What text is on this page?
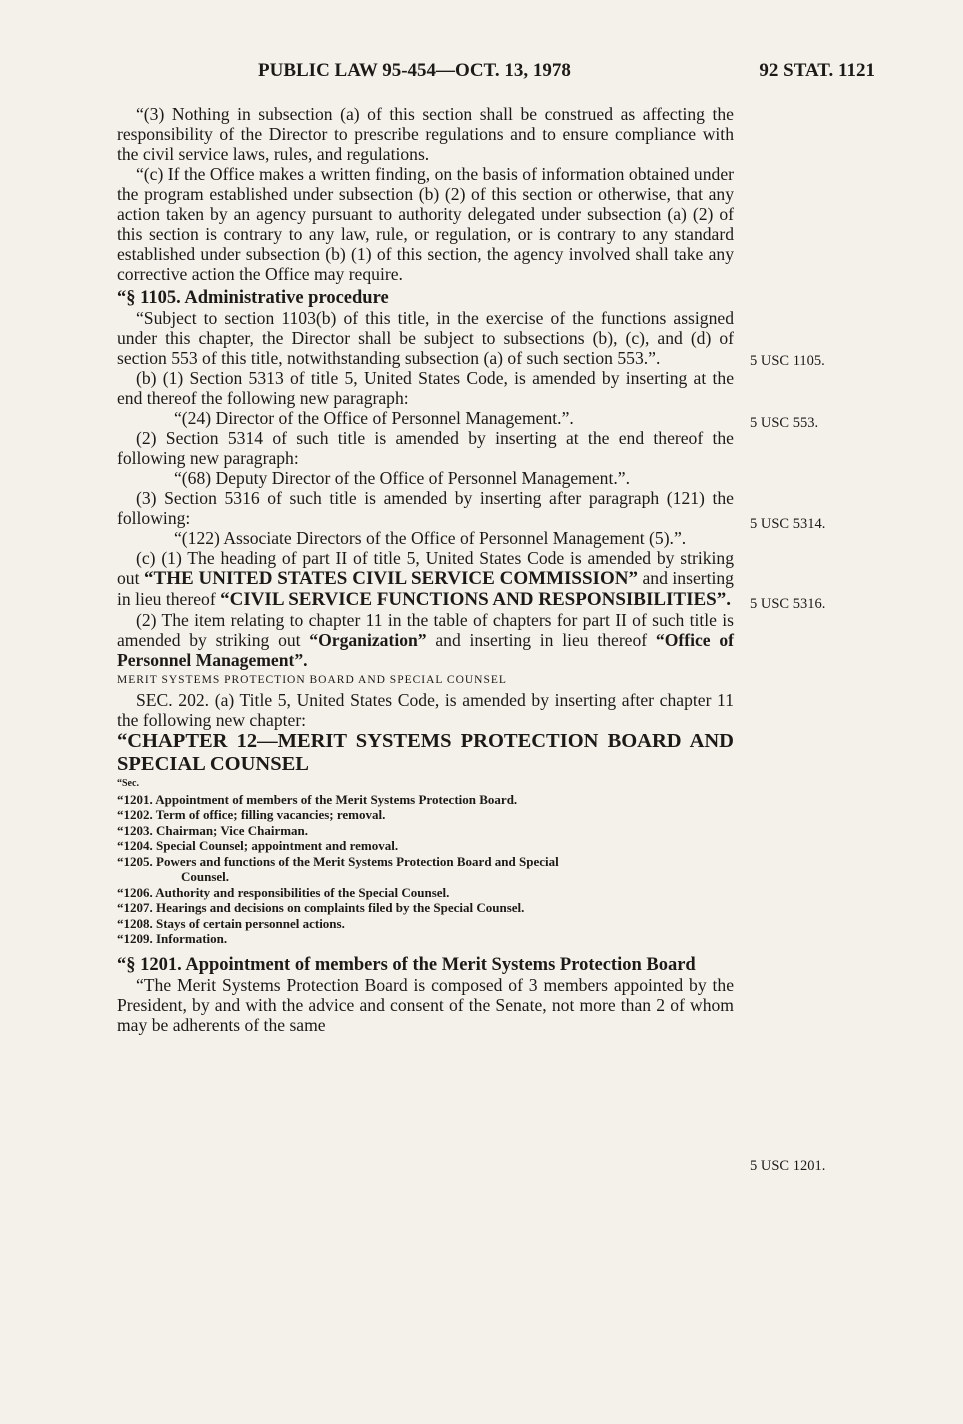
PUBLIC LAW 95-454—OCT. 13, 1978	92 STAT. 1121

“(3) Nothing in subsection (a) of this section shall be construed as affecting the responsibility of the Director to prescribe regulations and to ensure compliance with the civil service laws, rules, and regulations.

“(c) If the Office makes a written finding, on the basis of information obtained under the program established under subsection (b) (2) of this section or otherwise, that any action taken by an agency pursuant to authority delegated under subsection (a) (2) of this section is contrary to any law, rule, or regulation, or is contrary to any standard established under subsection (b) (1) of this section, the agency involved shall take any corrective action the Office may require.

“§ 1105. Administrative procedure

“Subject to section 1103(b) of this title, in the exercise of the functions assigned under this chapter, the Director shall be subject to subsections (b), (c), and (d) of section 553 of this title, notwithstanding subsection (a) of such section 553.”.

(b) (1) Section 5313 of title 5, United States Code, is amended by inserting at the end thereof the following new paragraph:

“(24) Director of the Office of Personnel Management.”.

(2) Section 5314 of such title is amended by inserting at the end thereof the following new paragraph:

“(68) Deputy Director of the Office of Personnel Management.”.

(3) Section 5316 of such title is amended by inserting after paragraph (121) the following:

“(122) Associate Directors of the Office of Personnel Management (5).”.

(c) (1) The heading of part II of title 5, United States Code is amended by striking out “THE UNITED STATES CIVIL SERVICE COMMISSION” and inserting in lieu thereof “CIVIL SERVICE FUNCTIONS AND RESPONSIBILITIES”.

(2) The item relating to chapter 11 in the table of chapters for part II of such title is amended by striking out “Organization” and inserting in lieu thereof “Office of Personnel Management”.

MERIT SYSTEMS PROTECTION BOARD AND SPECIAL COUNSEL

SEC. 202. (a) Title 5, United States Code, is amended by inserting after chapter 11 the following new chapter:

“CHAPTER 12—MERIT SYSTEMS PROTECTION BOARD AND SPECIAL COUNSEL

“Sec.
“1201. Appointment of members of the Merit Systems Protection Board.
“1202. Term of office; filling vacancies; removal.
“1203. Chairman; Vice Chairman.
“1204. Special Counsel; appointment and removal.
“1205. Powers and functions of the Merit Systems Protection Board and Special
Counsel.
“1206. Authority and responsibilities of the Special Counsel.
“1207. Hearings and decisions on complaints filed by the Special Counsel.
“1208. Stays of certain personnel actions.
“1209. Information.

“§ 1201. Appointment of members of the Merit Systems Protection Board

“The Merit Systems Protection Board is composed of 3 members appointed by the President, by and with the advice and consent of the Senate, not more than 2 of whom may be adherents of the same

5 USC 1105.
5 USC 553.
5 USC 5314.
5 USC 5316.
5 USC 1201.
